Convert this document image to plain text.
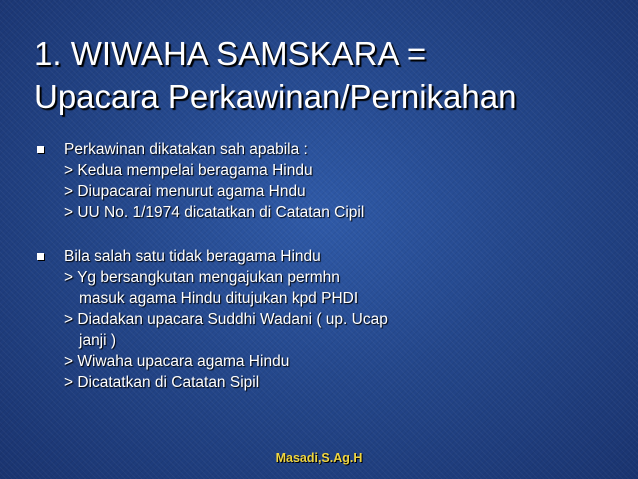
1. WIWAHA SAMSKARA =
Upacara Perkawinan/Pernikahan
Perkawinan dikatakan sah apabila :
> Kedua mempelai beragama Hindu
> Diupacarai menurut agama Hndu
> UU No. 1/1974 dicatatkan di Catatan Cipil
Bila salah satu tidak beragama Hindu
> Yg bersangkutan mengajukan permhn
masuk agama Hindu ditujukan kpd PHDI
> Diadakan upacara Suddhi Wadani ( up. Ucap
janji )
> Wiwaha upacara agama Hindu
> Dicatatkan di Catatan Sipil
Masadi,S.Ag.H
